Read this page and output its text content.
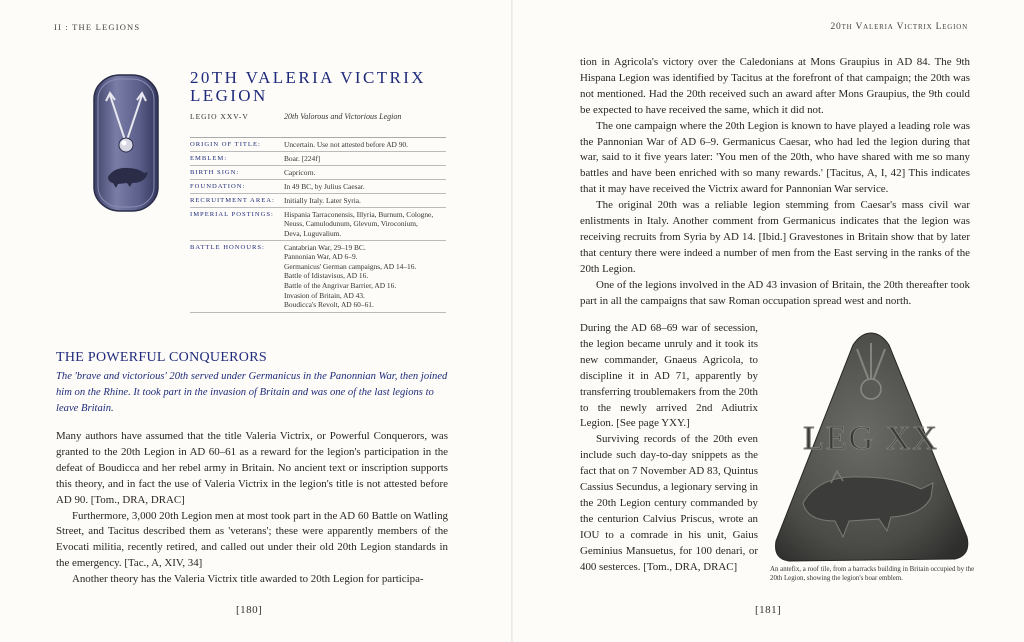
II : THE LEGIONS
[180]
20th Valeria Victrix Legion
[181]
20TH VALERIA VICTRIX LEGION
LEGIO XXV-V	20th Valorous and Victorious Legion
ORIGIN OF TITLE:	Uncertain. Use not attested before AD 90.
EMBLEM:	Boar. [224f]
BIRTH SIGN:	Capricorn.
FOUNDATION:	In 49 BC, by Julius Caesar.
RECRUITMENT AREA:	Initially Italy. Later Syria.
IMPERIAL POSTINGS:	Hispania Tarraconensis, Illyria, Burnum, Cologne,
Neuss, Camulodunum, Glevum, Viroconium,
Deva, Luguvalium.
BATTLE HONOURS:	Cantabrian War, 29–19 BC.
Pannonian War, AD 6–9.
Germanicus' German campaigns, AD 14–16.
Battle of Idistavisus, AD 16.
Battle of the Angrivar Barrier, AD 16.
Invasion of Britain, AD 43.
Boudicca's Revolt, AD 60–61.
THE POWERFUL CONQUERORS
The 'brave and victorious' 20th served under Germanicus in the Panonnian War, then joined him on the Rhine. It took part in the invasion of Britain and was one of the last legions to leave Britain.

Many authors have assumed that the title Valeria Victrix, or Powerful Conquerors, was granted to the 20th Legion in AD 60–61 as a reward for the legion's participation in the defeat of Boudicca and her rebel army in Britain. No ancient text or inscription supports this theory, and in fact the use of Valeria Victrix in the legion's title is not attested before AD 90. [Tom., DRA, DRAC]

Furthermore, 3,000 20th Legion men at most took part in the AD 60 Battle on Watling Street, and Tacitus described them as 'veterans'; these were apparently members of the Evocati militia, recently retired, and called out under their old 20th Legion standards in the emergency. [Tac., A, XIV, 34]

Another theory has the Valeria Victrix title awarded to 20th Legion for participa-

tion in Agricola's victory over the Caledonians at Mons Graupius in AD 84. The 9th Hispana Legion was identified by Tacitus at the forefront of that campaign; the 20th was not mentioned. Had the 20th received such an award after Mons Graupius, the 9th could be expected to have received the same, which it did not.

The one campaign where the 20th Legion is known to have played a leading role was the Pannonian War of AD 6–9. Germanicus Caesar, who had led the legion during that war, said to it five years later: 'You men of the 20th, who have shared with me so many battles and have been enriched with so many rewards.' [Tacitus, A, I, 42] This indicates that it may have received the Victrix award for Pannonian War service.

The original 20th was a reliable legion stemming from Caesar's mass civil war enlistments in Italy. Another comment from Germanicus indicates that the legion was receiving recruits from Syria by AD 14. [Ibid.] Gravestones in Britain show that by later that century there were indeed a number of men from the East serving in the ranks of the 20th Legion.

One of the legions involved in the AD 43 invasion of Britain, the 20th thereafter took part in all the campaigns that saw Roman occupation spread west and north.

During the AD 68–69 war of secession, the legion became unruly and it took its new commander, Gnaeus Agricola, to discipline it in AD 71, apparently by transferring troublemakers from the 20th to the newly arrived 2nd Adiutrix Legion. [See page YXY.]

Surviving records of the 20th even include such day-to-day snippets as the fact that on 7 November AD 83, Quintus Cassius Secundus, a legionary serving in the 20th Legion century commanded by the centurion Calvius Priscus, wrote an IOU to a comrade in his unit, Gaius Geminius Mansuetus, for 100 denari, or 400 sesterces. [Tom., DRA, DRAC]

LEG XX
An antefix, a roof tile, from a barracks building in Britain occupied by the 20th Legion, showing the legion's boar emblem.
